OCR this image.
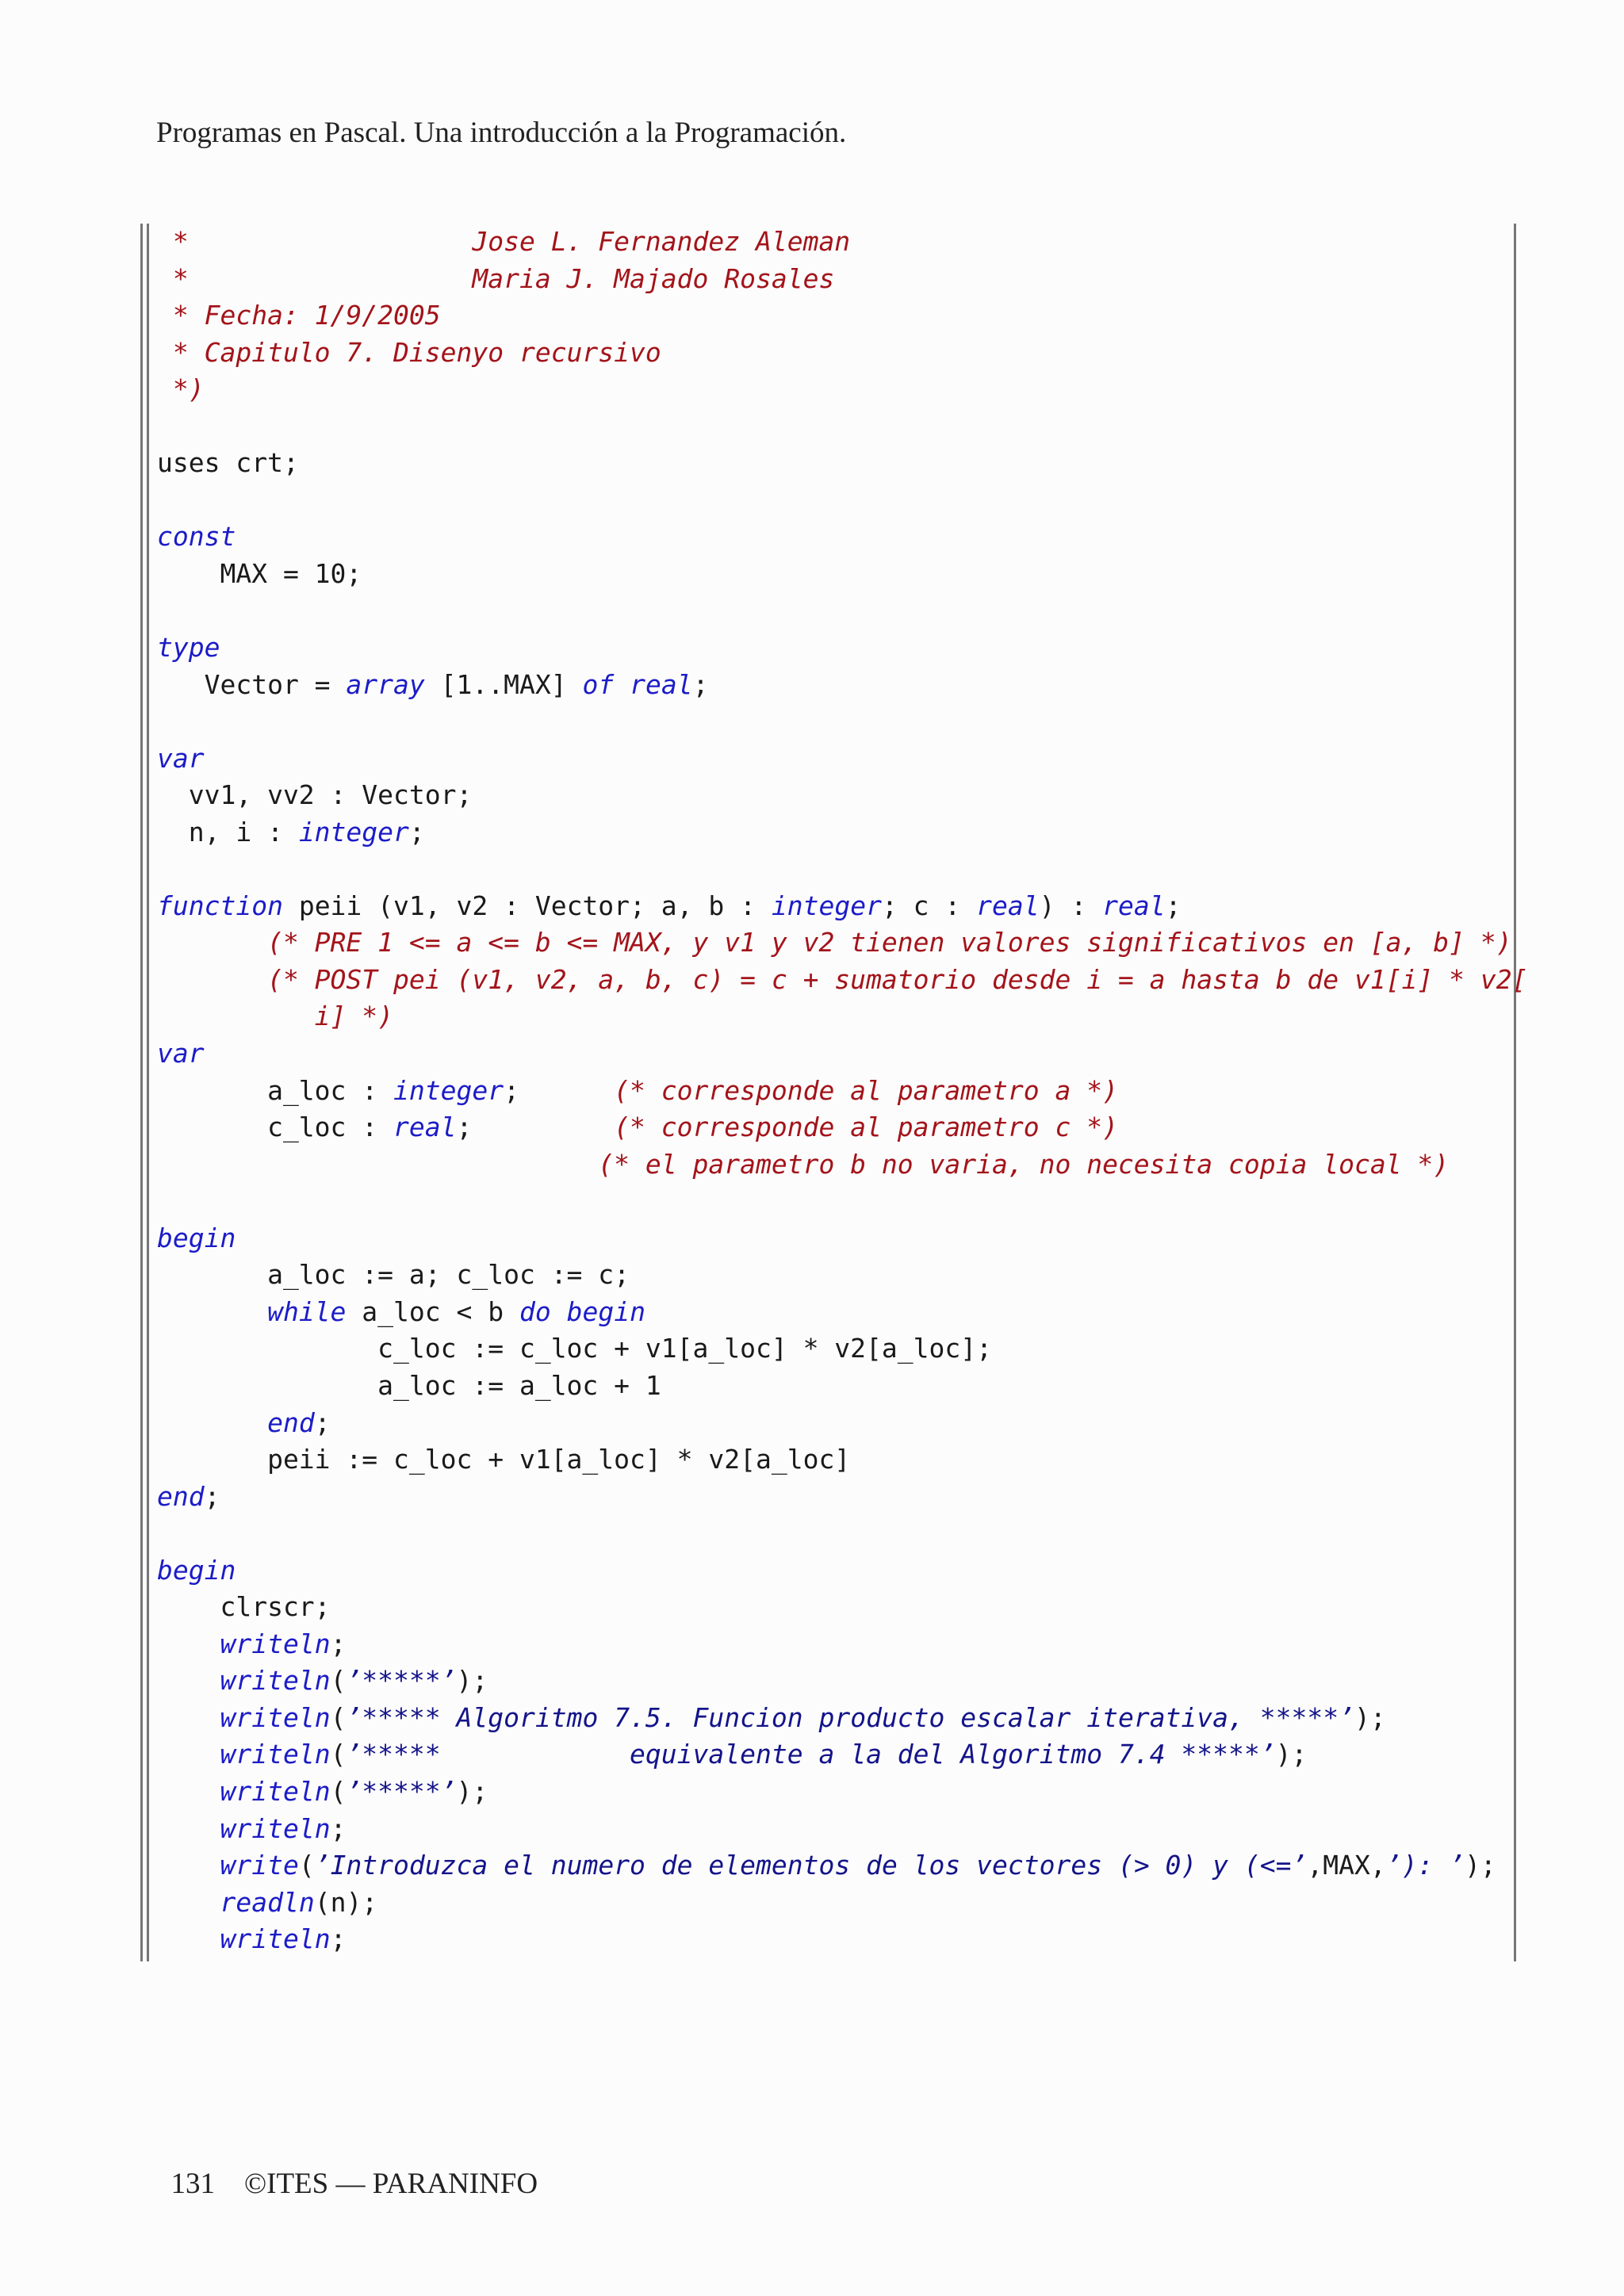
Programas en Pascal. Una introducción a la Programación.
*                  Jose L. Fernandez Aleman
*                  Maria J. Majado Rosales
* Fecha: 1/9/2005
* Capitulo 7. Disenyo recursivo
*)
uses crt;
const
MAX = 10;
type
Vector = array [1..MAX] of real;
var
vv1, vv2 : Vector;
n, i : integer;
function peii (v1, v2 : Vector; a, b : integer; c : real) : real;
(* PRE 1 <= a <= b <= MAX, y v1 y v2 tienen valores significativos en [a, b] *)
(* POST pei (v1, v2, a, b, c) = c + sumatorio desde i = a hasta b de v1[i] * v2[
i] *)
var
a_loc : integer;      (* corresponde al parametro a *)
c_loc : real;         (* corresponde al parametro c *)
(* el parametro b no varia, no necesita copia local *)
begin
a_loc := a; c_loc := c;
while a_loc < b do begin
c_loc := c_loc + v1[a_loc] * v2[a_loc];
a_loc := a_loc + 1
end;
peii := c_loc + v1[a_loc] * v2[a_loc]
end;
begin
clrscr;
writeln;
writeln(’*****’);
writeln(’***** Algoritmo 7.5. Funcion producto escalar iterativa, *****’);
writeln(’*****            equivalente a la del Algoritmo 7.4 *****’);
writeln(’*****’);
writeln;
write(’Introduzca el numero de elementos de los vectores (> 0) y (<=’,MAX,’): ’);
readln(n);
writeln;

131 ©ITES — PARANINFO
